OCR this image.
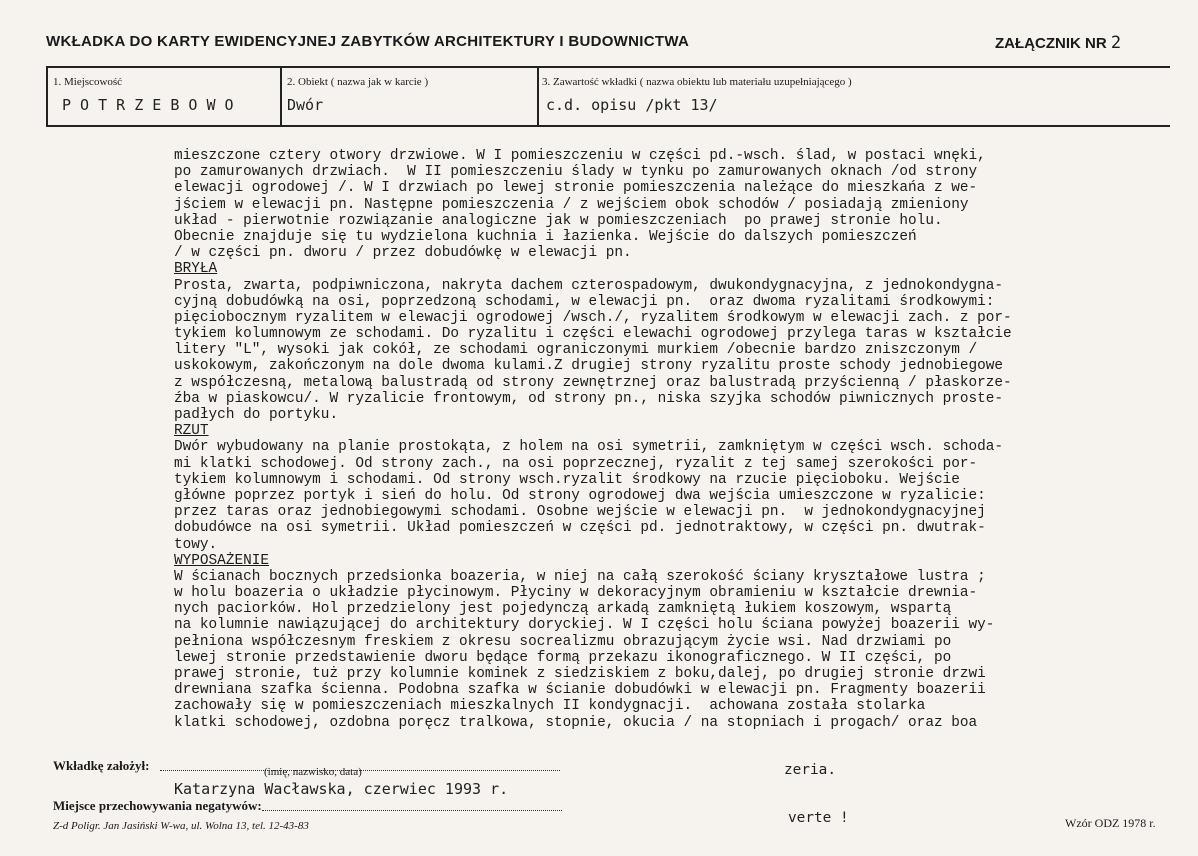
WKŁADKA DO KARTY EWIDENCYJNEJ ZABYTKÓW ARCHITEKTURY I BUDOWNICTWA	ZAŁĄCZNIK NR 2
1. Miejscowość
P O T R Z E B O W O
2. Obiekt ( nazwa jak w karcie )
Dwór
3. Zawartość wkładki ( nazwa obiektu lub materiału uzupełniającego )
c.d. opisu /pkt 13/
mieszczone cztery otwory drzwiowe. W I pomieszczeniu w części pd.-wsch. ślad, w postaci wnęki,
po zamurowanych drzwiach.  W II pomieszczeniu ślady w tynku po zamurowanych oknach /od strony
elewacji ogrodowej /. W I drzwiach po lewej stronie pomieszczenia należące do mieszkańa z we-
jściem w elewacji pn. Następne pomieszczenia / z wejściem obok schodów / posiadają zmieniony
układ - pierwotnie rozwiązanie analogiczne jak w pomieszczeniach  po prawej stronie holu.
Obecnie znajduje się tu wydzielona kuchnia i łazienka. Wejście do dalszych pomieszczeń
/ w części pn. dworu / przez dobudówkę w elewacji pn.
BRYŁA
Prosta, zwarta, podpiwniczona, nakryta dachem czterospadowym, dwukondygnacyjna, z jednokondygna-
cyjną dobudówką na osi, poprzedzoną schodami, w elewacji pn.  oraz dwoma ryzalitami środkowymi:
pięciobocznym ryzalitem w elewacji ogrodowej /wsch./, ryzalitem środkowym w elewacji zach. z por-
tykiem kolumnowym ze schodami. Do ryzalitu i części elewachi ogrodowej przylega taras w kształcie
litery "L", wysoki jak cokół, ze schodami ograniczonymi murkiem /obecnie bardzo zniszczonym /
uskokowym, zakończonym na dole dwoma kulami.Z drugiej strony ryzalitu proste schody jednobiegowe
z współczesną, metalową balustradą od strony zewnętrznej oraz balustradą przyścienną / płaskorze-
źba w piaskowcu/. W ryzalicie frontowym, od strony pn., niska szyjka schodów piwnicznych proste-
padłych do portyku.
RZUT
Dwór wybudowany na planie prostokąta, z holem na osi symetrii, zamkniętym w części wsch. schoda-
mi klatki schodowej. Od strony zach., na osi poprzecznej, ryzalit z tej samej szerokości por-
tykiem kolumnowym i schodami. Od strony wsch.ryzalit środkowy na rzucie pięcioboku. Wejście
główne poprzez portyk i sień do holu. Od strony ogrodowej dwa wejścia umieszczone w ryzalicie:
przez taras oraz jednobiegowymi schodami. Osobne wejście w elewacji pn.  w jednokondygnacyjnej
dobudówce na osi symetrii. Układ pomieszczeń w części pd. jednotraktowy, w części pn. dwutrak-
towy.
WYPOSAŻENIE
W ścianach bocznych przedsionka boazeria, w niej na całą szerokość ściany kryształowe lustra ;
w holu boazeria o układzie płycinowym. Płyciny w dekoracyjnym obramieniu w kształcie drewnia-
nych paciorków. Hol przedzielony jest pojedynczą arkadą zamkniętą łukiem koszowym, wspartą
na kolumnie nawiązującej do architektury doryckiej. W I części holu ściana powyżej boazerii wy-
pełniona współczesnym freskiem z okresu socrealizmu obrazującym życie wsi. Nad drzwiami po
lewej stronie przedstawienie dworu będące formą przekazu ikonograficznego. W II części, po
prawej stronie, tuż przy kolumnie kominek z siedziskiem z boku,dalej, po drugiej stronie drzwi
drewniana szafka ścienna. Podobna szafka w ścianie dobudówki w elewacji pn. Fragmenty boazerii
zachowały się w pomieszczeniach mieszkalnych II kondygnacji.  achowana została stolarka
klatki schodowej, ozdobna poręcz tralkowa, stopnie, okucia / na stopniach i progach/ oraz boa
Wkładkę założył:	(imię, nazwisko, data)	zeria.
Katarzyna Wacławska, czerwiec 1993 r.
Miejsce przechowywania negatywów:
verte !
Z-d Poligr. Jan Jasiński W-wa, ul. Wolna 13, tel. 12-43-83	Wzór ODZ 1978 r.
